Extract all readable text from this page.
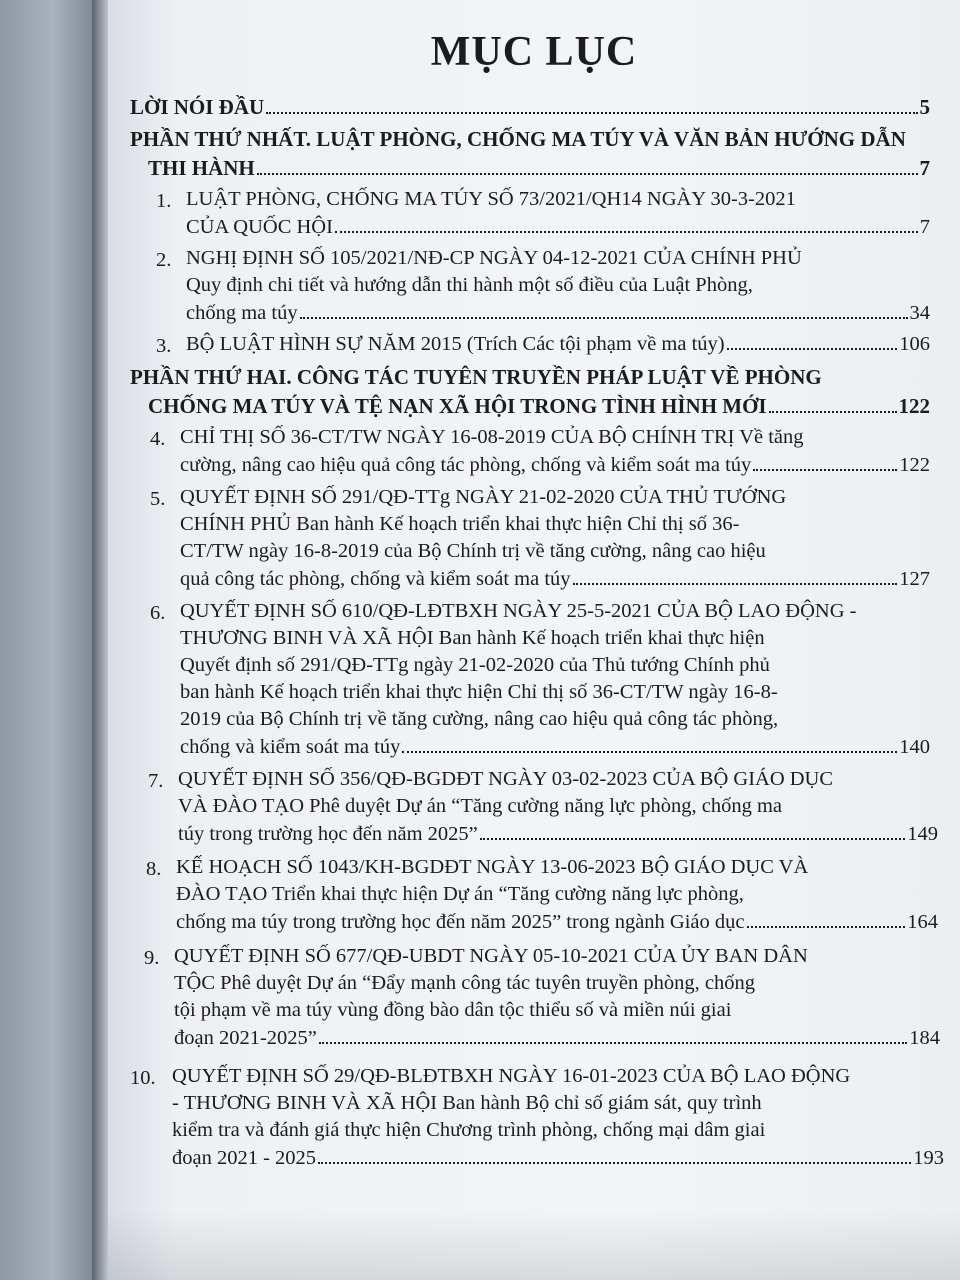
MỤC LỤC
LỜI NÓI ĐẦU	5
PHẦN THỨ NHẤT. LUẬT PHÒNG, CHỐNG MA TÚY VÀ VĂN BẢN HƯỚNG DẪN
THI HÀNH	7
1. LUẬT PHÒNG, CHỐNG MA TÚY SỐ 73/2021/QH14 NGÀY 30-3-2021
CỦA QUỐC HỘI	7
2. NGHỊ ĐỊNH SỐ 105/2021/NĐ-CP NGÀY 04-12-2021 CỦA CHÍNH PHỦ
Quy định chi tiết và hướng dẫn thi hành một số điều của Luật Phòng,
chống ma túy	34
3. BỘ LUẬT HÌNH SỰ NĂM 2015 (Trích Các tội phạm về ma túy)	106
PHẦN THỨ HAI. CÔNG TÁC TUYÊN TRUYỀN PHÁP LUẬT VỀ PHÒNG
CHỐNG MA TÚY VÀ TỆ NẠN XÃ HỘI TRONG TÌNH HÌNH MỚI	122
4. CHỈ THỊ SỐ 36-CT/TW NGÀY 16-08-2019 CỦA BỘ CHÍNH TRỊ Về tăng
cường, nâng cao hiệu quả công tác phòng, chống và kiểm soát ma túy	122
5. QUYẾT ĐỊNH SỐ 291/QĐ-TTg NGÀY 21-02-2020 CỦA THỦ TƯỚNG
CHÍNH PHỦ Ban hành Kế hoạch triển khai thực hiện Chỉ thị số 36-
CT/TW ngày 16-8-2019 của Bộ Chính trị về tăng cường, nâng cao hiệu
quả công tác phòng, chống và kiểm soát ma túy	127
6. QUYẾT ĐỊNH SỐ 610/QĐ-LĐTBXH NGÀY 25-5-2021 CỦA BỘ LAO ĐỘNG -
THƯƠNG BINH VÀ XÃ HỘI Ban hành Kế hoạch triển khai thực hiện
Quyết định số 291/QĐ-TTg ngày 21-02-2020 của Thủ tướng Chính phủ
ban hành Kế hoạch triển khai thực hiện Chỉ thị số 36-CT/TW ngày 16-8-
2019 của Bộ Chính trị về tăng cường, nâng cao hiệu quả công tác phòng,
chống và kiểm soát ma túy	140
7. QUYẾT ĐỊNH SỐ 356/QĐ-BGDĐT NGÀY 03-02-2023 CỦA BỘ GIÁO DỤC
VÀ ĐÀO TẠO Phê duyệt Dự án “Tăng cường năng lực phòng, chống ma
túy trong trường học đến năm 2025”	149
8. KẾ HOẠCH SỐ 1043/KH-BGDĐT NGÀY 13-06-2023 BỘ GIÁO DỤC VÀ
ĐÀO TẠO Triển khai thực hiện Dự án “Tăng cường năng lực phòng,
chống ma túy trong trường học đến năm 2025” trong ngành Giáo dục	164
9. QUYẾT ĐỊNH SỐ 677/QĐ-UBDT NGÀY 05-10-2021 CỦA ỦY BAN DÂN
TỘC Phê duyệt Dự án “Đẩy mạnh công tác tuyên truyền phòng, chống
tội phạm về ma túy vùng đồng bào dân tộc thiểu số và miền núi giai
đoạn 2021-2025”	184
10. QUYẾT ĐỊNH SỐ 29/QĐ-BLĐTBXH NGÀY 16-01-2023 CỦA BỘ LAO ĐỘNG
- THƯƠNG BINH VÀ XÃ HỘI Ban hành Bộ chỉ số giám sát, quy trình
kiểm tra và đánh giá thực hiện Chương trình phòng, chống mại dâm giai
đoạn 2021 - 2025	193
